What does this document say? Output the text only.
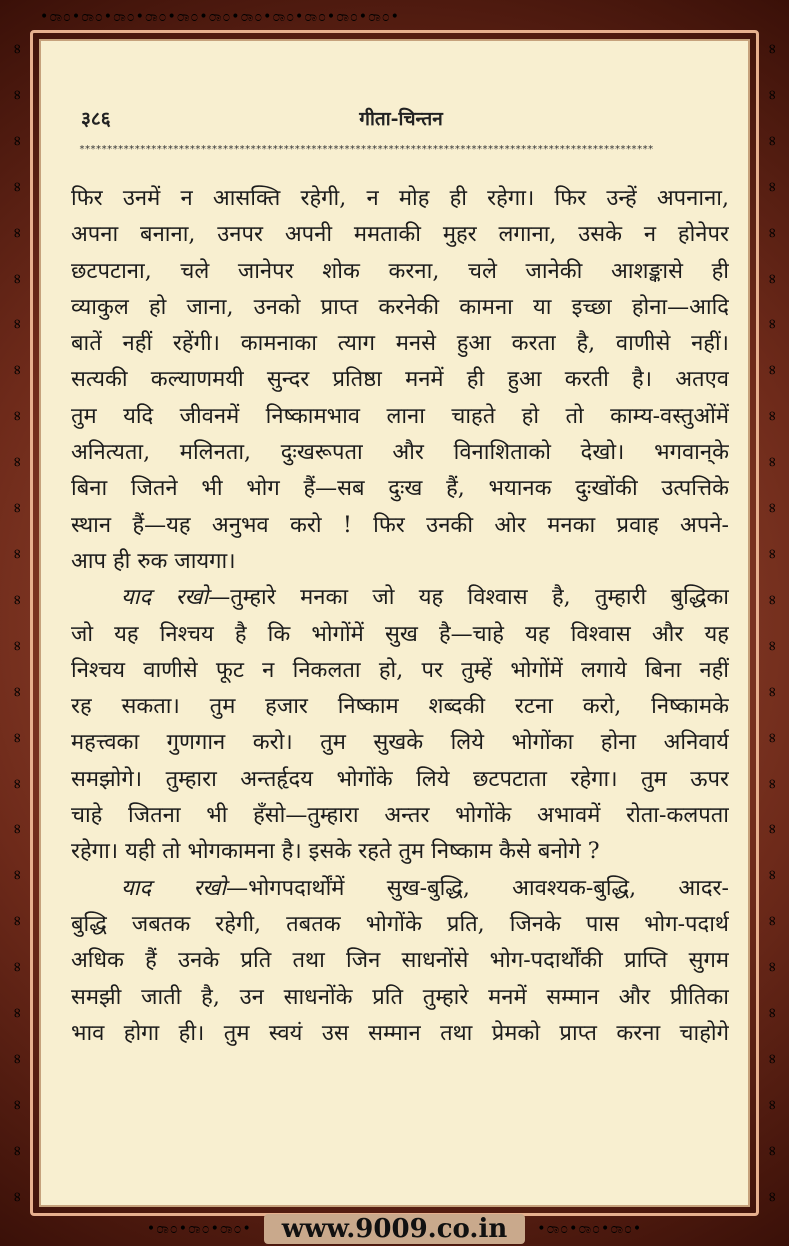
•೦ಾ೦•೦ಾ೦•೦ಾ೦•೦ಾ೦•೦ಾ೦•೦ಾ೦•೦ಾ೦•೦ಾ೦•೦ಾ೦•೦ಾ೦•೦ಾ೦•
∞
∞
∞
∞
∞
∞
∞
∞
∞
∞
∞
∞
∞
∞
∞
∞
∞
∞
∞
∞
∞
∞
∞
∞
∞
∞
∞
∞
∞
∞
∞
∞
∞
∞
∞
∞
∞
∞
∞
∞
∞
∞
∞
∞
∞
∞
∞
∞
∞
∞
∞
∞
३८६	गीता-चिन्तन
********************************************************************************************************
फिर उनमें न आसक्ति रहेगी, न मोह ही रहेगा। फिर उन्हें अपनाना,
अपना बनाना, उनपर अपनी ममताकी मुहर लगाना, उसके न होनेपर
छटपटाना, चले जानेपर शोक करना, चले जानेकी आशङ्कासे ही
व्याकुल हो जाना, उनको प्राप्त करनेकी कामना या इच्छा होना—आदि
बातें नहीं रहेंगी। कामनाका त्याग मनसे हुआ करता है, वाणीसे नहीं।
सत्यकी कल्याणमयी सुन्दर प्रतिष्ठा मनमें ही हुआ करती है। अतएव
तुम यदि जीवनमें निष्कामभाव लाना चाहते हो तो काम्य-वस्तुओंमें
अनित्यता, मलिनता, दुःखरूपता और विनाशिताको देखो। भगवान्‌के
बिना जितने भी भोग हैं—सब दुःख हैं, भयानक दुःखोंकी उत्पत्तिके
स्थान हैं—यह अनुभव करो ! फिर उनकी ओर मनका प्रवाह अपने-
आप ही रुक जायगा।
याद रखो—तुम्हारे मनका जो यह विश्वास है, तुम्हारी बुद्धिका
जो यह निश्चय है कि भोगोंमें सुख है—चाहे यह विश्वास और यह
निश्चय वाणीसे फूट न निकलता हो, पर तुम्हें भोगोंमें लगाये बिना नहीं
रह सकता। तुम हजार निष्काम शब्दकी रटना करो, निष्कामके
महत्त्वका गुणगान करो। तुम सुखके लिये भोगोंका होना अनिवार्य
समझोगे। तुम्हारा अन्तर्हृदय भोगोंके लिये छटपटाता रहेगा। तुम ऊपर
चाहे जितना भी हँसो—तुम्हारा अन्तर भोगोंके अभावमें रोता-कलपता
रहेगा। यही तो भोगकामना है। इसके रहते तुम निष्काम कैसे बनोगे ?
याद रखो—भोगपदार्थोंमें सुख-बुद्धि, आवश्यक-बुद्धि, आदर-
बुद्धि जबतक रहेगी, तबतक भोगोंके प्रति, जिनके पास भोग-पदार्थ
अधिक हैं उनके प्रति तथा जिन साधनोंसे भोग-पदार्थोंकी प्राप्ति सुगम
समझी जाती है, उन साधनोंके प्रति तुम्हारे मनमें सम्मान और प्रीतिका
भाव होगा ही। तुम स्वयं उस सम्मान तथा प्रेमको प्राप्त करना चाहोगे
•೦ಾ೦•೦ಾ೦•೦ಾ೦•	www.9009.co.in	•೦ಾ೦•೦ಾ೦•೦ಾ೦•
